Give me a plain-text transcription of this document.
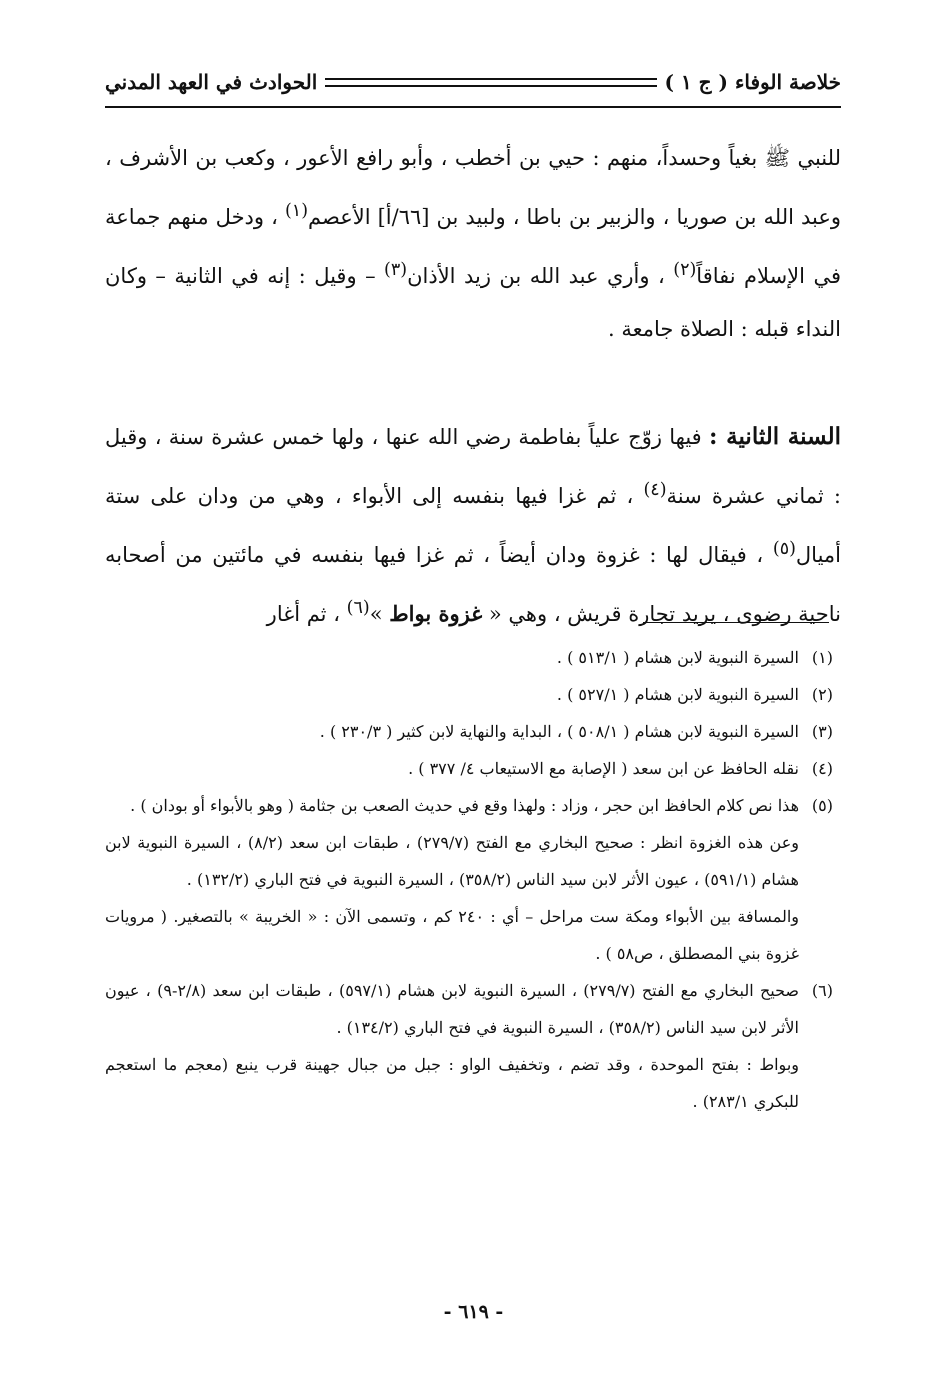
خلاصة الوفاء ( ج ١ )
الحوادث في العهد المدني

للنبي ﷺ بغياً وحسداً، منهم : حيي بن أخطب ، وأبو رافع الأعور ، وكعب بن الأشرف ، وعبد الله بن صوريا ، والزبير بن باطا ، ولبيد بن [٦٦/أ] الأعصم$^{(١)}$ ، ودخل منهم جماعة في الإسلام نفاقاً$^{(٢)}$ ، وأري عبد الله بن زيد الأذان$^{(٣)}$ – وقيل : إنه في الثانية – وكان النداء قبله : الصلاة جامعة .

السنة الثانية : فيها زوّج علياً بفاطمة رضي الله عنها ، ولها خمس عشرة سنة ، وقيل : ثماني عشرة سنة$^{(٤)}$ ، ثم غزا فيها بنفسه إلى الأبواء ، وهي من ودان على ستة أميال$^{(٥)}$ ، فيقال لها : غزوة ودان أيضاً ، ثم غزا فيها بنفسه في مائتين من أصحابه ناحية رضوى ، يريد تجارة قريش ، وهي « غزوة بواط »$^{(٦)}$ ، ثم أغار

(١)
السيرة النبوية لابن هشام ( ٥١٣/١ ) .
(٢)
السيرة النبوية لابن هشام ( ٥٢٧/١ ) .
(٣)
السيرة النبوية لابن هشام ( ٥٠٨/١ ) ، البداية والنهاية لابن كثير ( ٢٣٠/٣ ) .
(٤)
نقله الحافظ عن ابن سعد ( الإصابة مع الاستيعاب ٤/ ٣٧٧ ) .
(٥)
هذا نص كلام الحافظ ابن حجر ، وزاد : ولهذا وقع في حديث الصعب بن جثامة ( وهو بالأبواء أو بودان ) .
وعن هذه الغزوة انظر : صحيح البخاري مع الفتح (٢٧٩/٧) ، طبقات ابن سعد (٨/٢) ، السيرة النبوية لابن هشام (٥٩١/١) ، عيون الأثر لابن سيد الناس (٣٥٨/٢) ، السيرة النبوية في فتح الباري (١٣٢/٢) .
والمسافة بين الأبواء ومكة ست مراحل – أي : ٢٤٠ كم ، وتسمى الآن : « الخريبة » بالتصغير. ( مرويات غزوة بني المصطلق ، ص٥٨ ) .
(٦)
صحيح البخاري مع الفتح (٢٧٩/٧) ، السيرة النبوية لابن هشام (٥٩٧/١) ، طبقات ابن سعد (٢/٨-٩) ، عيون الأثر لابن سيد الناس (٣٥٨/٢) ، السيرة النبوية في فتح الباري (١٣٤/٢) .
وبواط : بفتح الموحدة ، وقد تضم ، وتخفيف الواو : جبل من جبال جهينة قرب ينبع (معجم ما استعجم للبكري ٢٨٣/١) .
- ٦١٩ -
